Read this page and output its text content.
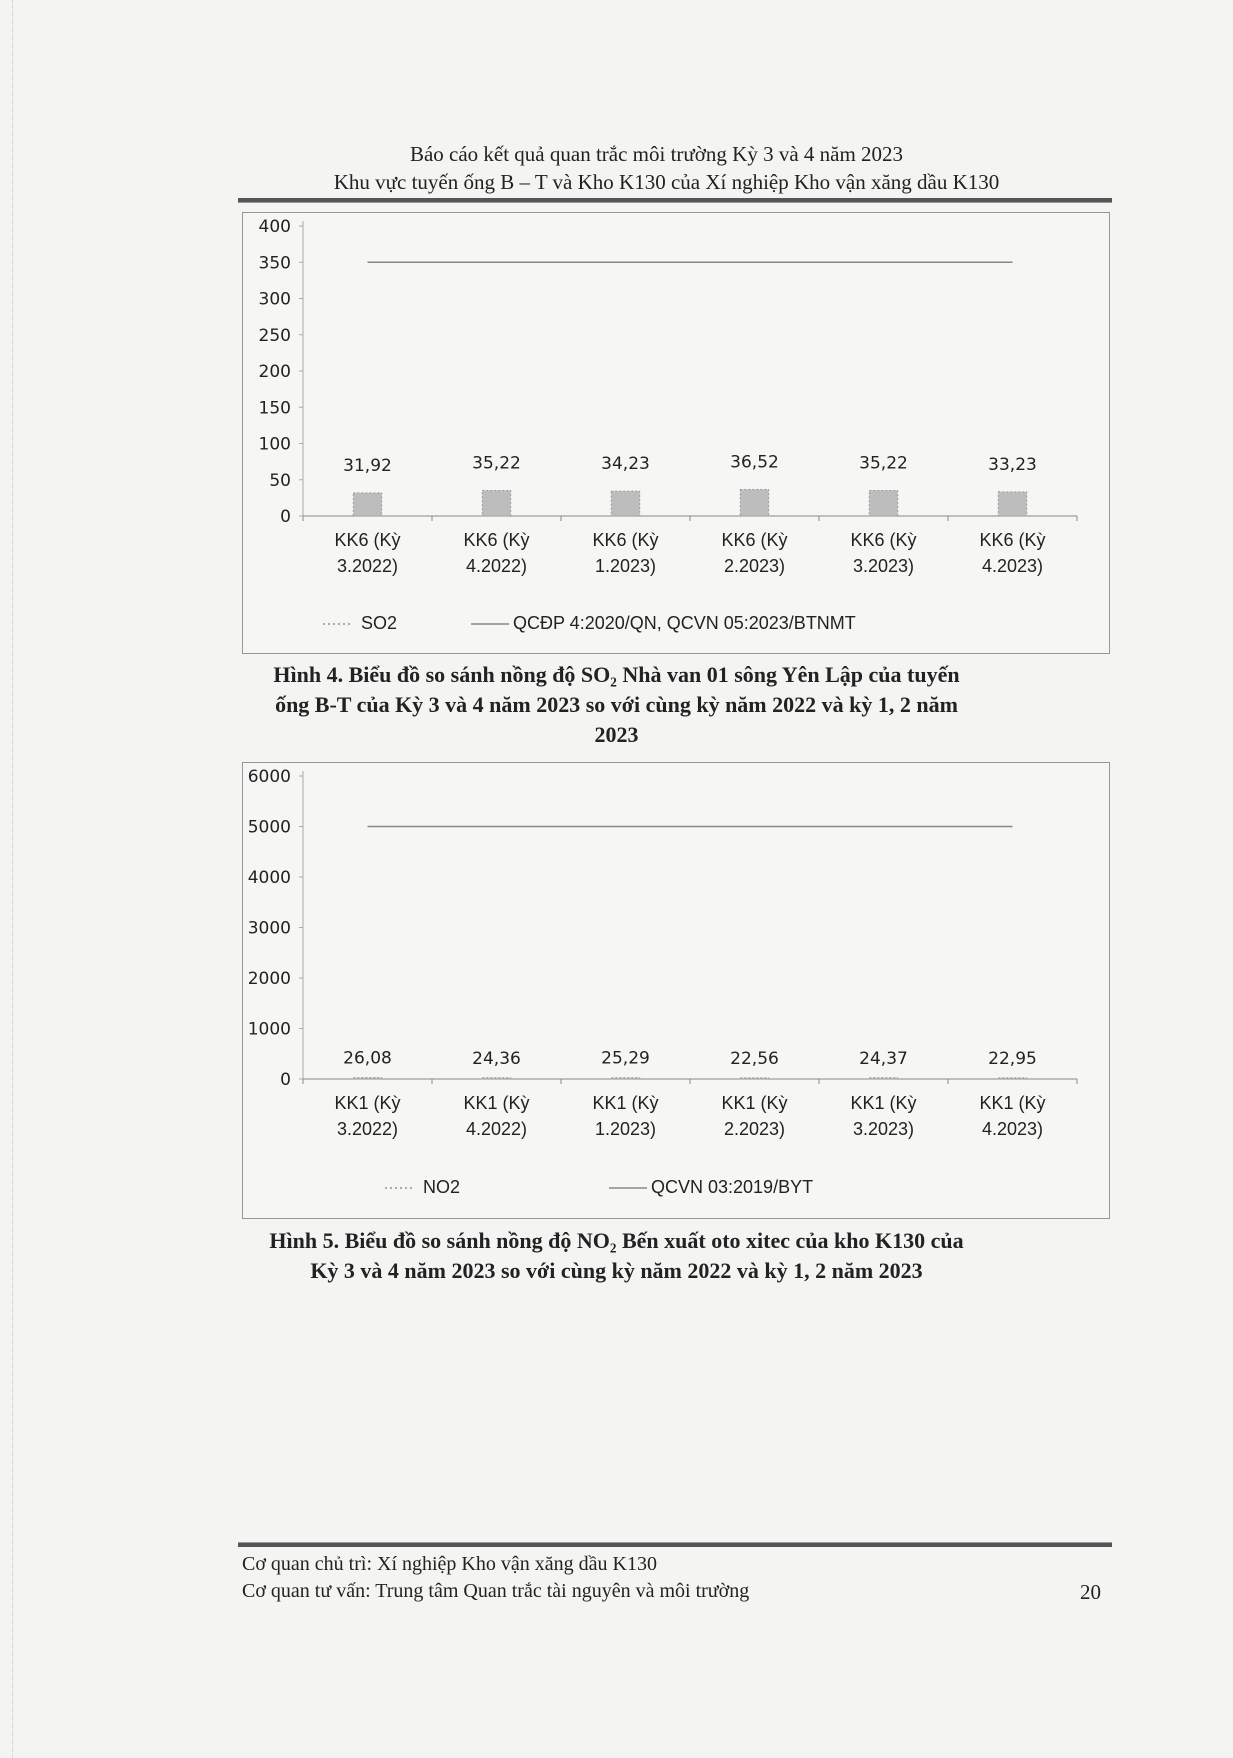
Báo cáo kết quả quan trắc môi trường Kỳ 3 và 4 năm 2023
Khu vực tuyến ống B – T và Kho K130 của Xí nghiệp Kho vận xăng dầu K130
400
350
300
250
200
150
100
50
0
31,92
KK6 (Kỳ
3.2022)
35,22
KK6 (Kỳ
4.2022)
34,23
KK6 (Kỳ
1.2023)
36,52
KK6 (Kỳ
2.2023)
35,22
KK6 (Kỳ
3.2023)
33,23
KK6 (Kỳ
4.2023)
SO2	QCĐP 4:2020/QN, QCVN 05:2023/BTNMT
Hình 4. Biểu đồ so sánh nồng độ SO₂ Nhà van 01 sông Yên Lập của tuyến
ống B-T của Kỳ 3 và 4 năm 2023 so với cùng kỳ năm 2022 và kỳ 1, 2 năm
2023
6000
5000
4000
3000
2000
1000
0
26,08
KK1 (Kỳ
3.2022)
24,36
KK1 (Kỳ
4.2022)
25,29
KK1 (Kỳ
1.2023)
22,56
KK1 (Kỳ
2.2023)
24,37
KK1 (Kỳ
3.2023)
22,95
KK1 (Kỳ
4.2023)
NO2	QCVN 03:2019/BYT
Hình 5. Biểu đồ so sánh nồng độ NO₂ Bến xuất oto xitec của kho K130 của
Kỳ 3 và 4 năm 2023 so với cùng kỳ năm 2022 và kỳ 1, 2 năm 2023
Cơ quan chủ trì: Xí nghiệp Kho vận xăng dầu K130
Cơ quan tư vấn: Trung tâm Quan trắc tài nguyên và môi trường	20
